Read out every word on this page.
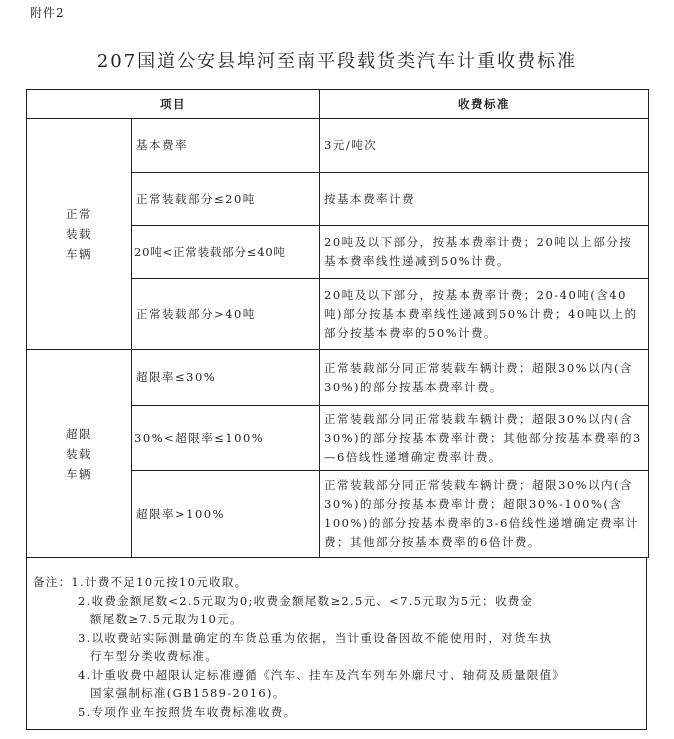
附件2
207国道公安县埠河至南平段载货类汽车计重收费标准
项目		收费标准
正常
装载
车辆	基本费率	3元/吨次
	正常装载部分≤20吨	按基本费率计费
	20吨<正常装载部分≤40吨	20吨及以下部分，按基本费率计费；20吨以上部分按基本费率线性递减到50%计费。
	正常装载部分>40吨	20吨及以下部分，按基本费率计费；20-40吨(含40吨)部分按基本费率线性递减到50%计费；40吨以上的部分按基本费率的50%计费。
超限
装载
车辆	超限率≤30%	正常装载部分同正常装载车辆计费；超限30%以内(含30%)的部分按基本费率计费。
	30%<超限率≤100%	正常装载部分同正常装载车辆计费；超限30%以内(含30%)的部分按基本费率计费；其他部分按基本费率的3—6倍线性递增确定费率计费。
	超限率>100%	正常装载部分同正常装载车辆计费；超限30%以内(含30%)的部分按基本费率计费；超限30%-100%(含100%)的部分按基本费率的3-6倍线性递增确定费率计费；其他部分按基本费率的6倍计费。
备注：1.计费不足10元按10元收取。
2.收费金额尾数<2.5元取为0;收费金额尾数≥2.5元、<7.5元取为5元；收费金
额尾数≥7.5元取为10元。
3.以收费站实际测量确定的车货总重为依据，当计重设备因故不能使用时，对货车执
行车型分类收费标准。
4.计重收费中超限认定标准遵循《汽车、挂车及汽车列车外廓尺寸、轴荷及质量限值》
国家强制标准(GB1589-2016)。
5.专项作业车按照货车收费标准收费。
